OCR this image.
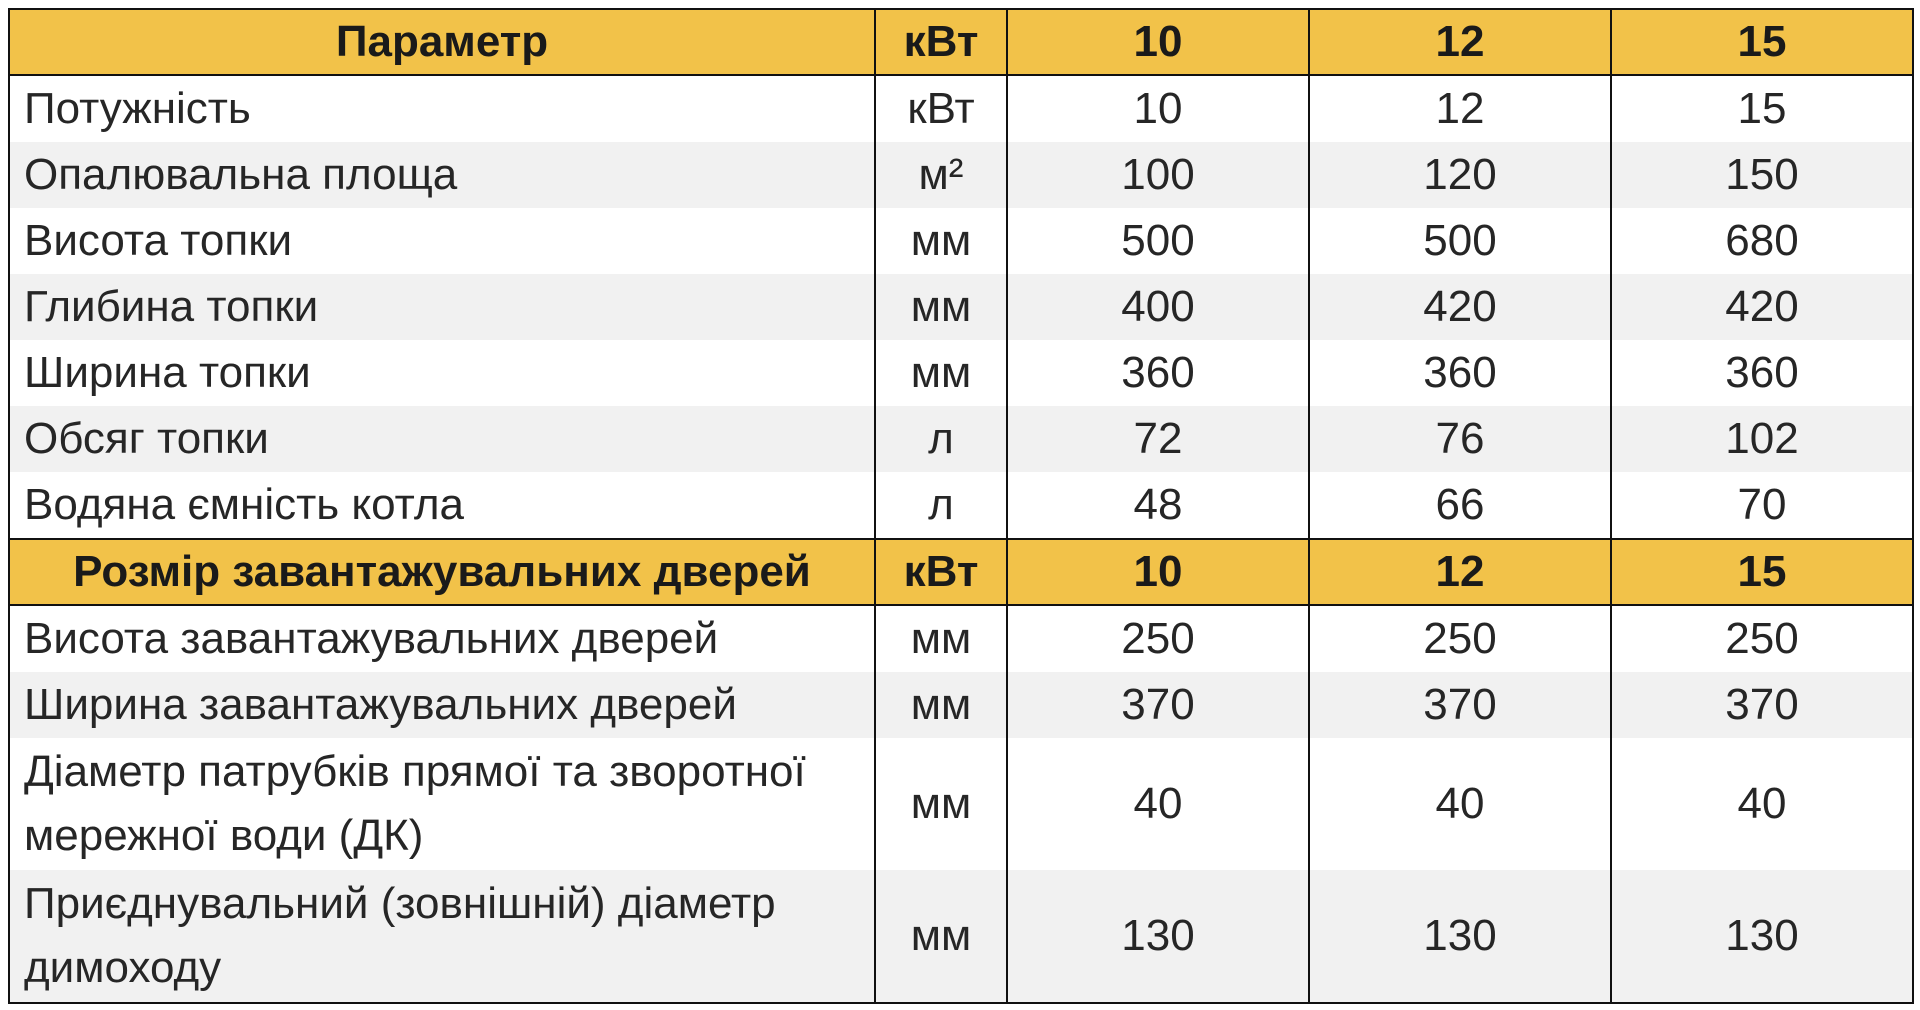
Параметр	кВт	10	12	15
Потужність	кВт	10	12	15
Опалювальна площа	м²	100	120	150
Висота топки	мм	500	500	680
Глибина топки	мм	400	420	420
Ширина топки	мм	360	360	360
Обсяг топки	л	72	76	102
Водяна ємність котла	л	48	66	70
Розмір завантажувальних дверей	кВт	10	12	15
Висота завантажувальних дверей	мм	250	250	250
Ширина завантажувальних дверей	мм	370	370	370
Діаметр патрубків прямої та зворотної мережної води (ДК)	мм	40	40	40
Приєднувальний (зовнішній) діаметр димоходу	мм	130	130	130
